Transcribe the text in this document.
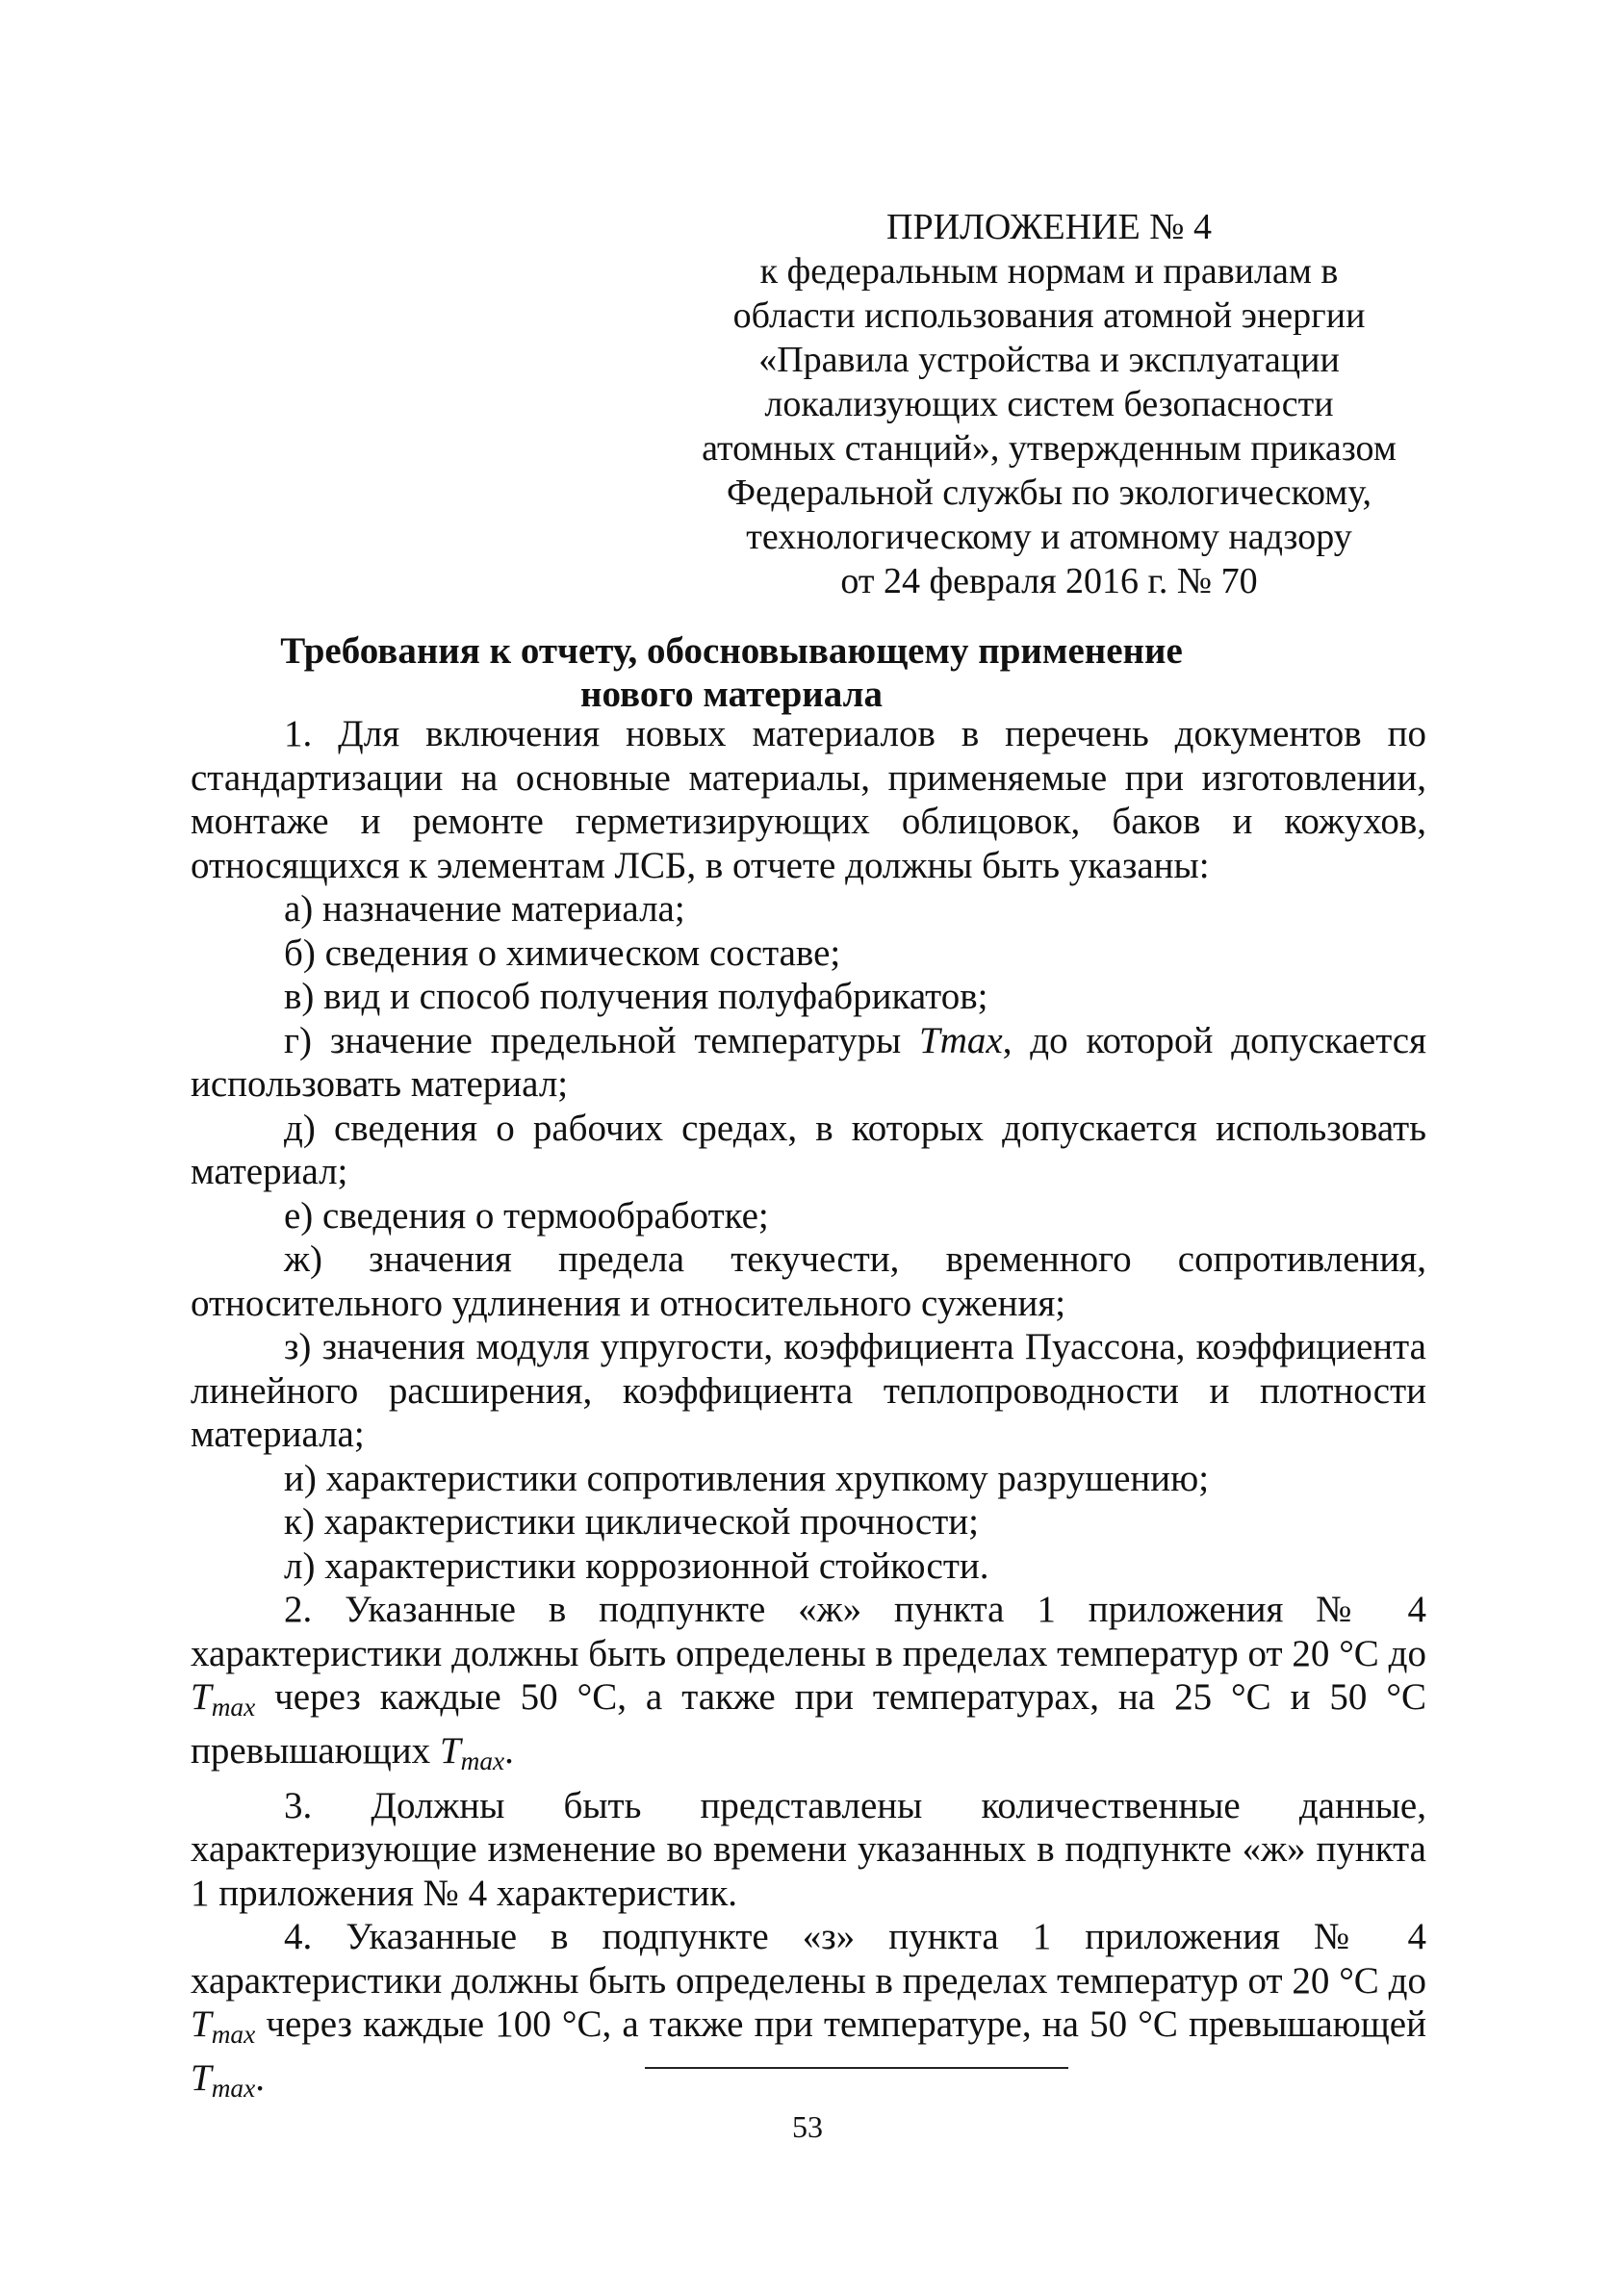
ПРИЛОЖЕНИЕ № 4
к федеральным нормам и правилам в
области использования атомной энергии
«Правила устройства и эксплуатации
локализующих систем безопасности
атомных станций», утвержденным приказом
Федеральной службы по экологическому,
технологическому и атомному надзору
от 24 февраля 2016 г. № 70
Требования к отчету, обосновывающему применение
нового материала

1. Для включения новых материалов в перечень документов по стандартизации на основные материалы, применяемые при изготовлении, монтаже и ремонте герметизирующих облицовок, баков и кожухов, относящихся к элементам ЛСБ, в отчете должны быть указаны:

а) назначение материала;

б) сведения о химическом составе;

в) вид и способ получения полуфабрикатов;

г) значение предельной температуры Tmax, до которой допускается использовать материал;

д) сведения о рабочих средах, в которых допускается использовать материал;

е) сведения о термообработке;

ж) значения предела текучести, временного сопротивления, относительного удлинения и относительного сужения;

з) значения модуля упругости, коэффициента Пуассона, коэффициента линейного расширения, коэффициента теплопроводности и плотности материала;

и) характеристики сопротивления хрупкому разрушению;

к) характеристики циклической прочности;

л) характеристики коррозионной стойкости.

2. Указанные в подпункте «ж» пункта 1 приложения № 4 характеристики должны быть определены в пределах температур от 20 °С до Tmax через каждые 50 °С, а также при температурах, на 25 °С и 50 °С превышающих Tmax.

3. Должны быть представлены количественные данные, характеризующие изменение во времени указанных в подпункте «ж» пункта 1 приложения № 4 характеристик.

4. Указанные в подпункте «з» пункта 1 приложения № 4 характеристики должны быть определены в пределах температур от 20 °С до Tmax через каждые 100 °С, а также при температуре, на 50 °С превышающей Tmax.

53
